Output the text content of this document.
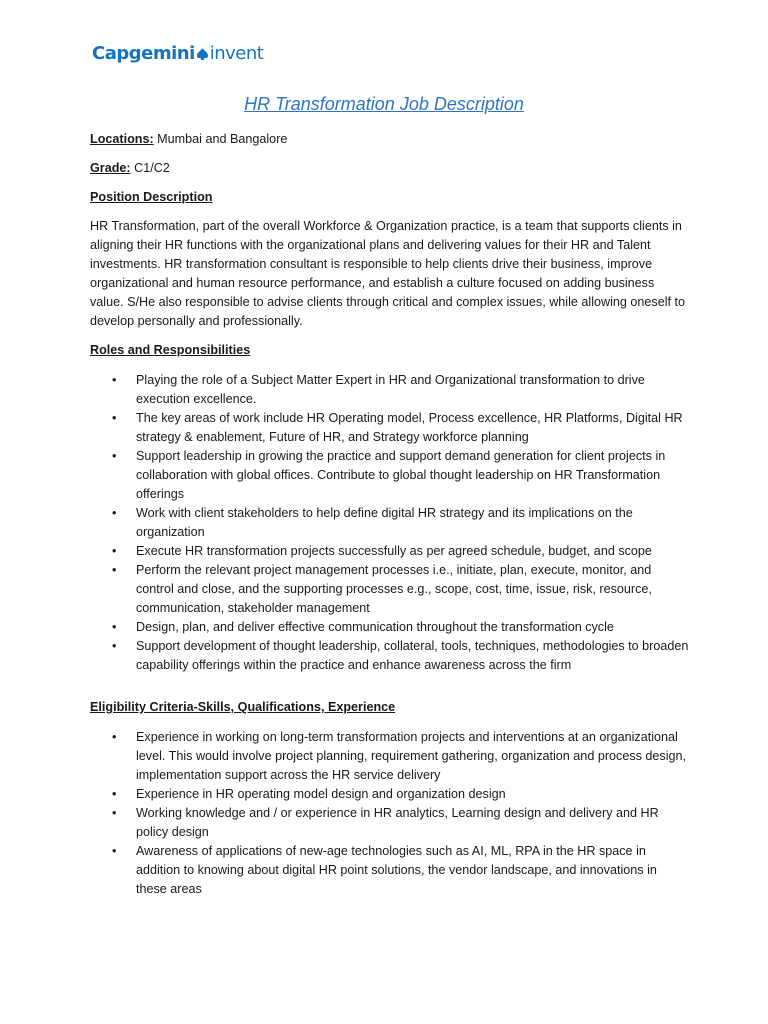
Capgemini invent
HR Transformation Job Description

Locations: Mumbai and Bangalore

Grade: C1/C2

Position Description

HR Transformation, part of the overall Workforce & Organization practice, is a team that supports clients in aligning their HR functions with the organizational plans and delivering values for their HR and Talent investments. HR transformation consultant is responsible to help clients drive their business, improve organizational and human resource performance, and establish a culture focused on adding business value. S/He also responsible to advise clients through critical and complex issues, while allowing oneself to develop personally and professionally.

Roles and Responsibilities

• Playing the role of a Subject Matter Expert in HR and Organizational transformation to drive execution excellence.
• The key areas of work include HR Operating model, Process excellence, HR Platforms, Digital HR strategy & enablement, Future of HR, and Strategy workforce planning
• Support leadership in growing the practice and support demand generation for client projects in collaboration with global offices. Contribute to global thought leadership on HR Transformation offerings
• Work with client stakeholders to help define digital HR strategy and its implications on the organization
• Execute HR transformation projects successfully as per agreed schedule, budget, and scope
• Perform the relevant project management processes i.e., initiate, plan, execute, monitor, and control and close, and the supporting processes e.g., scope, cost, time, issue, risk, resource, communication, stakeholder management
• Design, plan, and deliver effective communication throughout the transformation cycle
• Support development of thought leadership, collateral, tools, techniques, methodologies to broaden capability offerings within the practice and enhance awareness across the firm

Eligibility Criteria-Skills, Qualifications, Experience

• Experience in working on long-term transformation projects and interventions at an organizational level. This would involve project planning, requirement gathering, organization and process design, implementation support across the HR service delivery
• Experience in HR operating model design and organization design
• Working knowledge and / or experience in HR analytics, Learning design and delivery and HR policy design
• Awareness of applications of new-age technologies such as AI, ML, RPA in the HR space in addition to knowing about digital HR point solutions, the vendor landscape, and innovations in these areas
